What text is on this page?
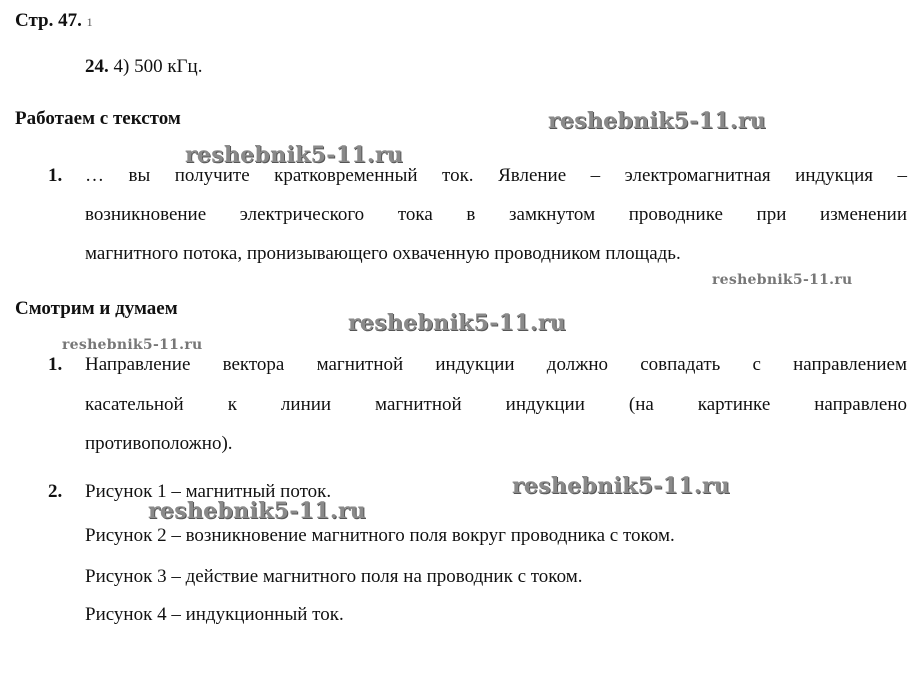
Стр. 47. 1
24. 4) 500 кГц.
Работаем с текстом
1. … вы получите кратковременный ток. Явление – электромагнитная индукция –
возникновение электрического тока в замкнутом проводнике при изменении
магнитного потока, пронизывающего охваченную проводником площадь.
Смотрим и думаем
1. Направление вектора магнитной индукции должно совпадать с направлением
касательной к линии магнитной индукции (на картинке направлено
противоположно).
2. Рисунок 1 – магнитный поток.
Рисунок 2 – возникновение магнитного поля вокруг проводника с током.
Рисунок 3 – действие магнитного поля на проводник с током.
Рисунок 4 – индукционный ток.
reshebnik5-11.ru
reshebnik5-11.ru
reshebnik5-11.ru
reshebnik5-11.ru
reshebnik5-11.ru
reshebnik5-11.ru
reshebnik5-11.ru
